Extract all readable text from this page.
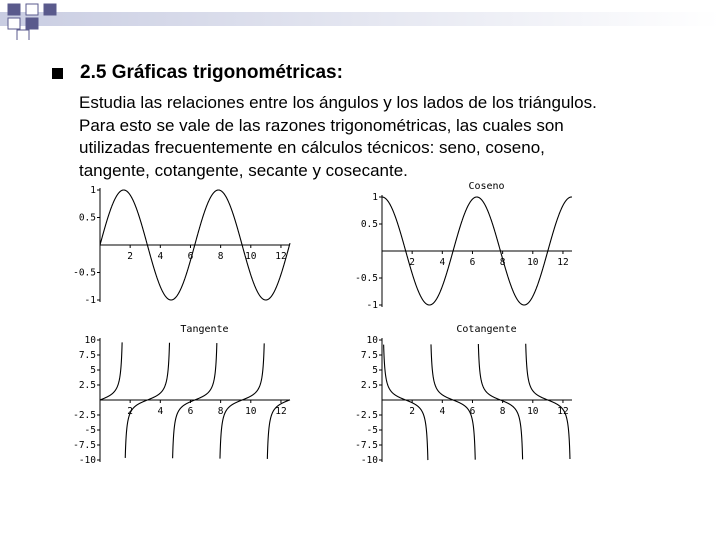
2.5 Gráficas trigonométricas:

Estudia las relaciones entre los ángulos y los lados de los triángulos.
Para esto se vale de las razones trigonométricas, las cuales son
utilizadas frecuentemente en cálculos técnicos: seno, coseno,
tangente, cotangente, secante y cosecante.

2	4	6	8 10 12
1
0.5
-0.5
-1
2	4	6	8 10 12
1
0.5
-0.5
-1
Coseno
2	4	6	8 10 12
10
7.5
5
2.5
-2.5
-5
-7.5
-10
Tangente
2	4	6	8 10 12
10
7.5
5
2.5
-2.5
-5
-7.5
-10
Cotangente
